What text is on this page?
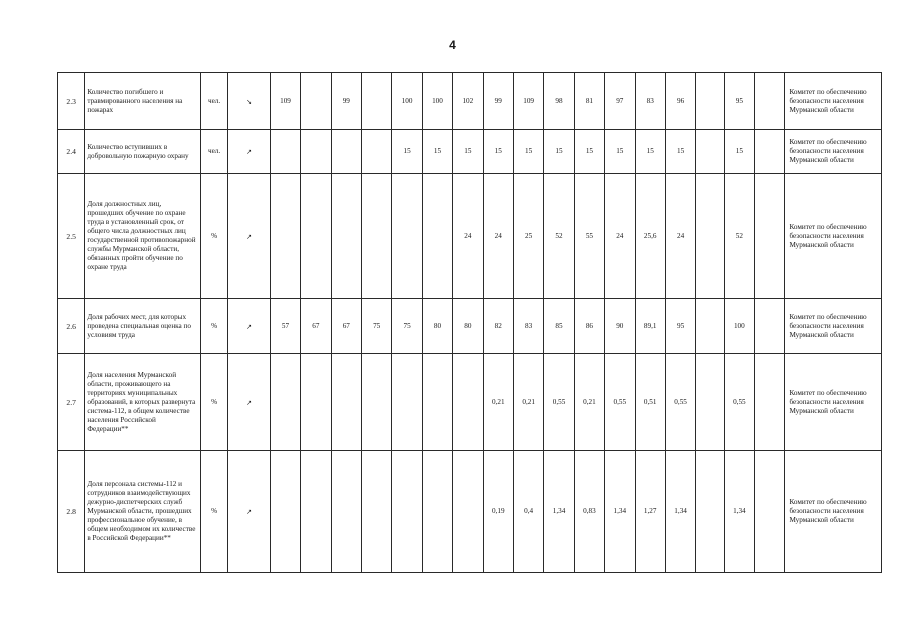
4
2.3	Количество погибшего и травмированного населения на пожарах	чел.	↘	109		99		100	100	102	99	109	98	81	97	83	96		95		Комитет по обеспечению безопасности населения Мурманской области
2.4	Количество вступивших в добровольную пожарную охрану	чел.	↗					15	15	15	15	15	15	15	15	15	15		15		Комитет по обеспечению безопасности населения Мурманской области
2.5	Доля должностных лиц, прошедших обучение по охране труда в установленный срок, от общего числа должностных лиц государственной противопожарной службы Мурманской области, обязанных пройти обучение по охране труда	%	↗							24	24	25	52	55	24	25,6	24		52		Комитет по обеспечению безопасности населения Мурманской области
2.6	Доля рабочих мест, для которых проведена специальная оценка по условиям труда	%	↗	57	67	67	75	75	80	80	82	83	85	86	90	89,1	95		100		Комитет по обеспечению безопасности населения Мурманской области
2.7	Доля населения Мурманской области, проживающего на территориях муниципальных образований, в которых развернута система-112, в общем количестве населения Российской Федерации**	%	↗								0,21	0,21	0,55	0,21	0,55	0,51	0,55		0,55		Комитет по обеспечению безопасности населения Мурманской области
2.8	Доля персонала системы-112 и сотрудников взаимодействующих дежурно-диспетчерских служб Мурманской области, прошедших профессиональное обучение, в общем необходимом их количестве в Российской Федерации**	%	↗								0,19	0,4	1,34	0,83	1,34	1,27	1,34		1,34		Комитет по обеспечению безопасности населения Мурманской области
